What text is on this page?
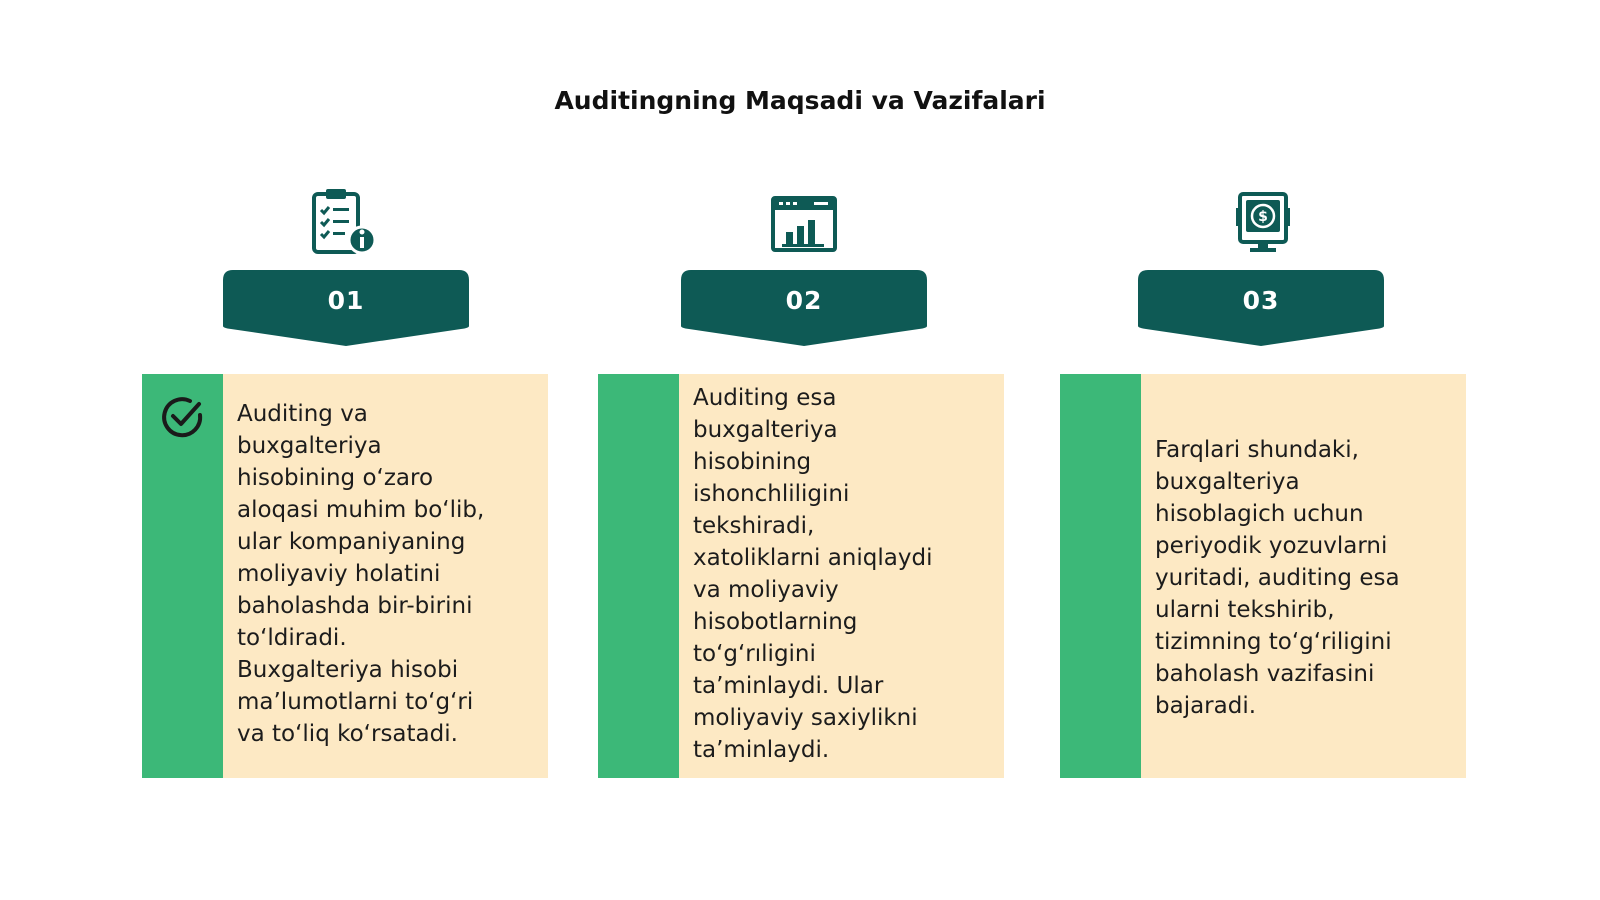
Auditingning Maqsadi va Vazifalari
01
Auditing va
buxgalteriya
hisobining o‘zaro
aloqasi muhim bo‘lib,
ular kompaniyaning
moliyaviy holatini
baholashda bir-birini
to‘ldiradi.
Buxgalteriya hisobi
ma’lumotlarni to‘g‘ri
va to‘liq ko‘rsatadi.
02
Auditing esa
buxgalteriya
hisobining
ishonchliligini
tekshiradi,
xatoliklarni aniqlaydi
va moliyaviy
hisobotlarning
to‘g‘rıligini
ta’minlaydi. Ular
moliyaviy saxiylikni
ta’minlaydi.
$
03
Farqlari shundaki,
buxgalteriya
hisoblagich uchun
periyodik yozuvlarni
yuritadi, auditing esa
ularni tekshirib,
tizimning to‘g‘riligini
baholash vazifasini
bajaradi.
